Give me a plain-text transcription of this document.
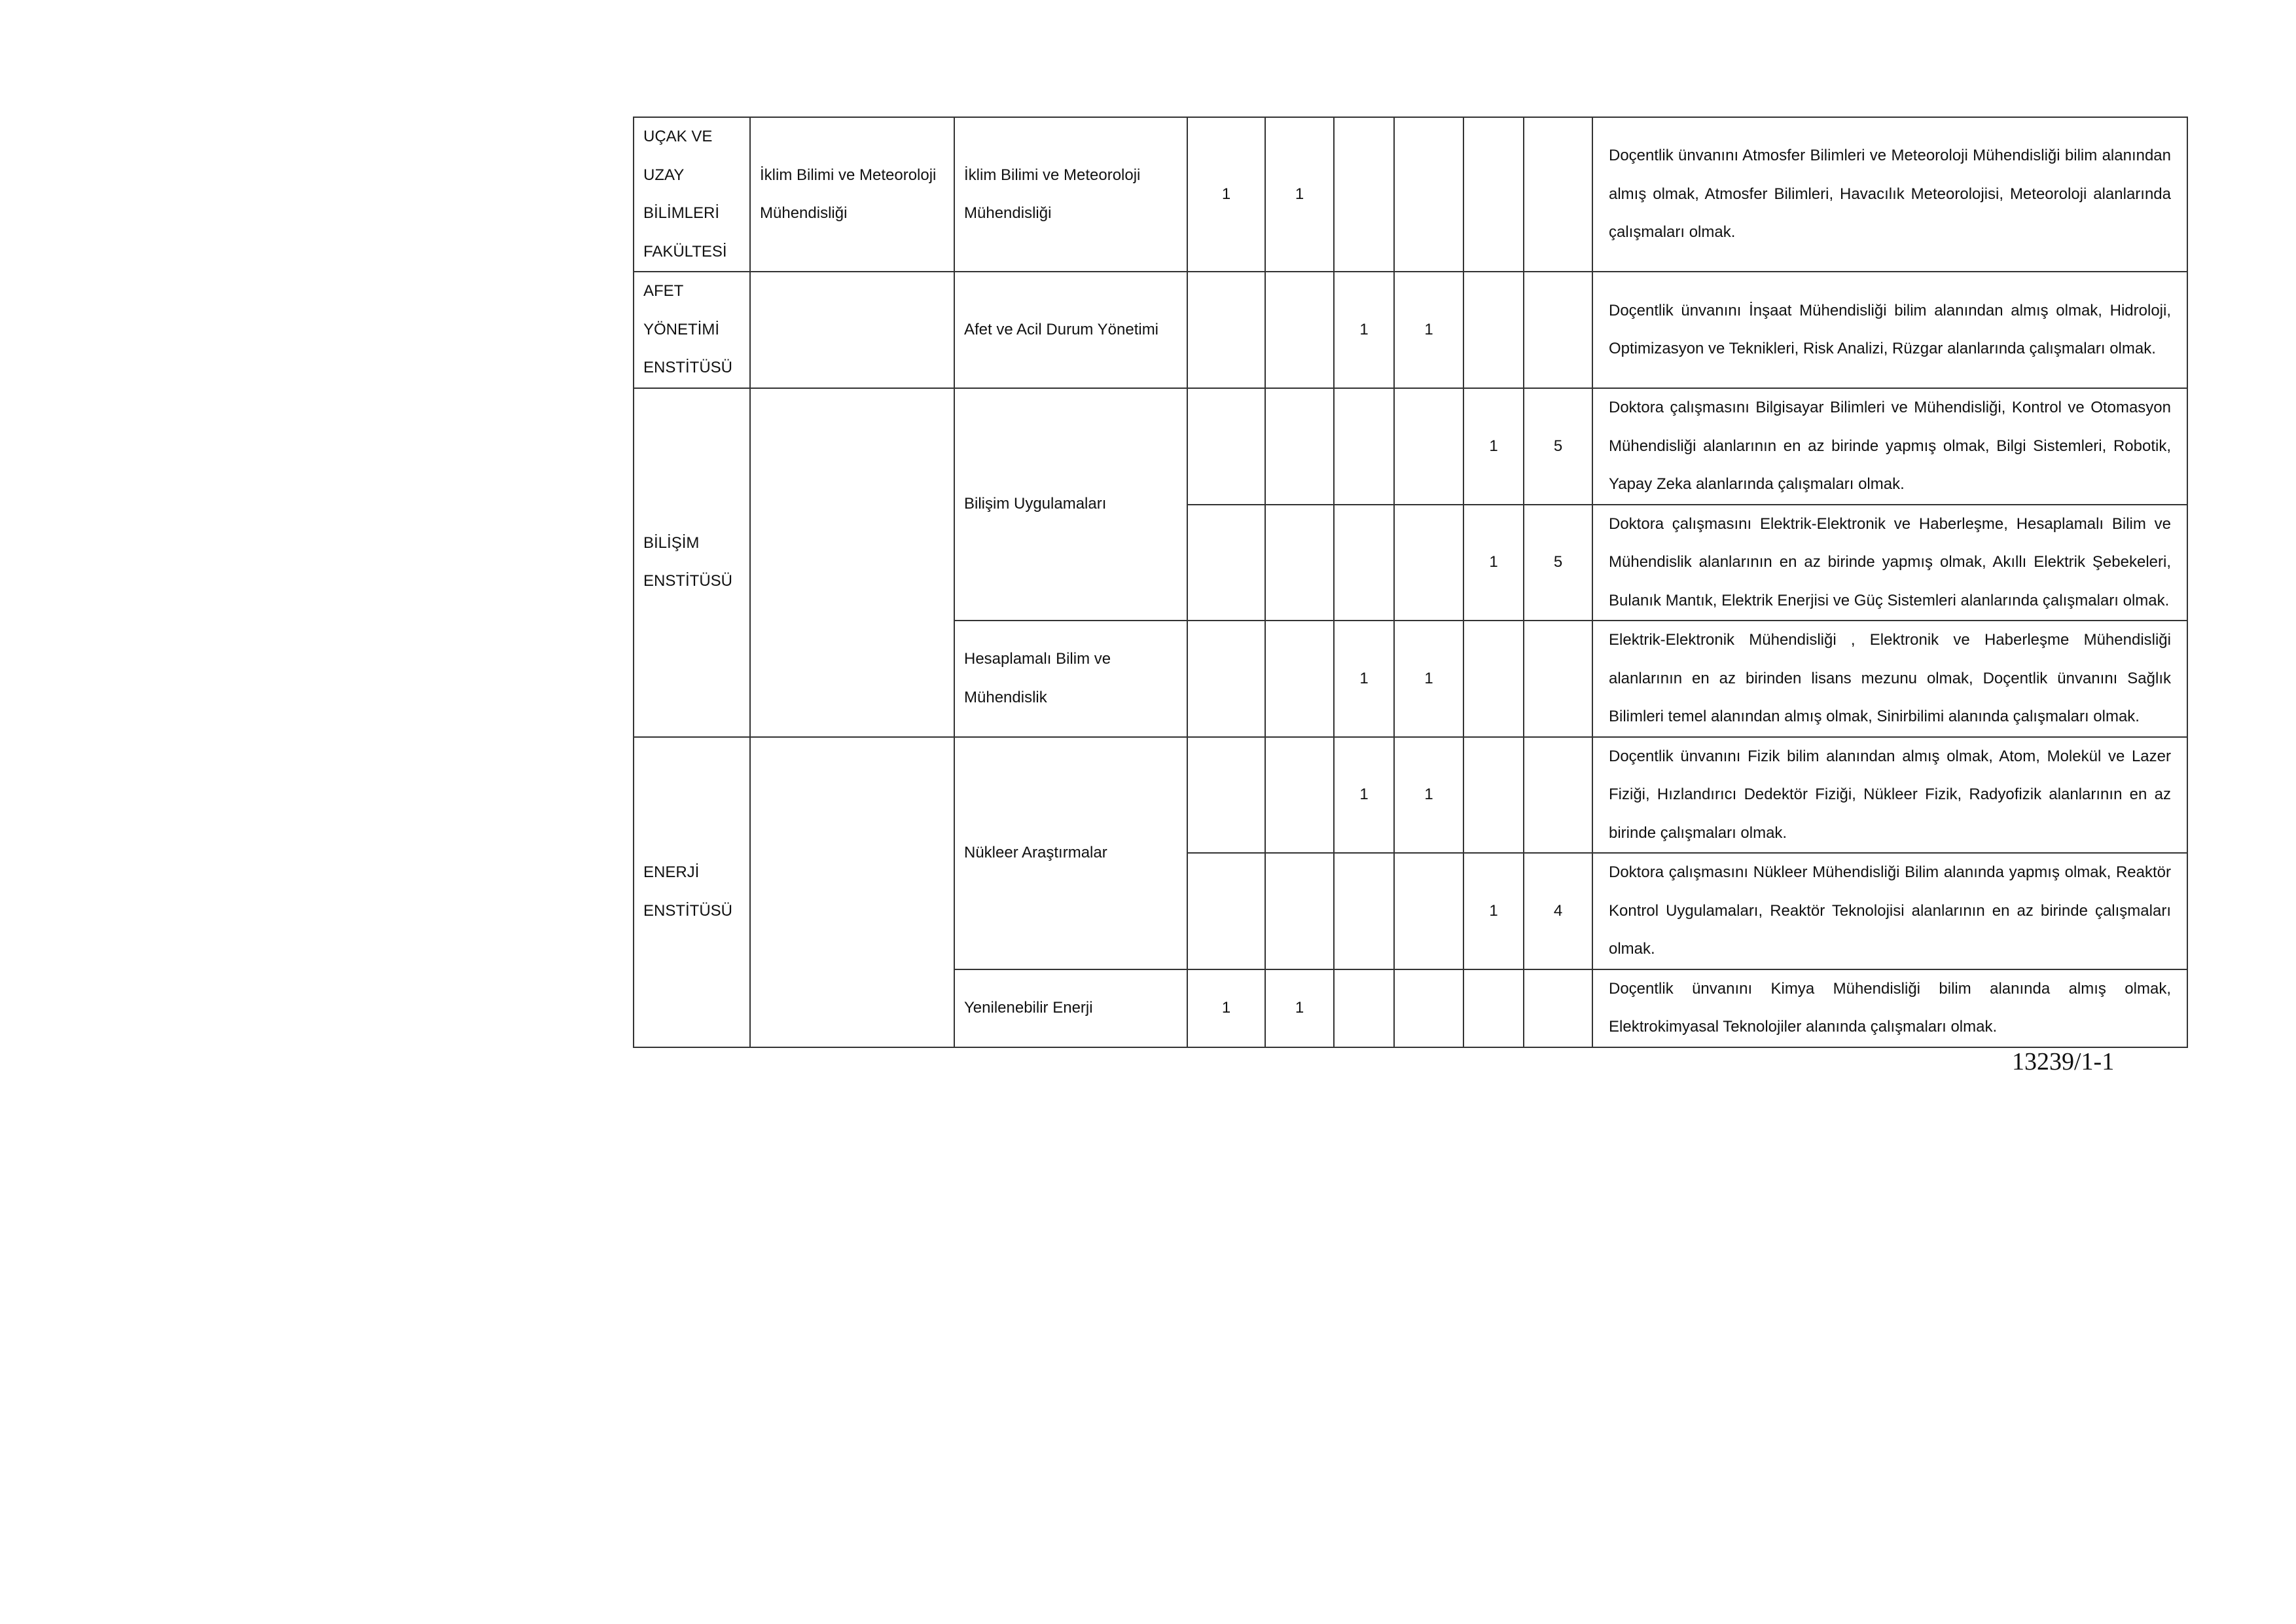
UÇAK VE UZAY BİLİMLERİ FAKÜLTESİ	İklim Bilimi ve Meteoroloji Mühendisliği	İklim Bilimi ve Meteoroloji Mühendisliği	1	1					Doçentlik ünvanını Atmosfer Bilimleri ve Meteoroloji Mühendisliği bilim alanından almış olmak, Atmosfer Bilimleri, Havacılık Meteorolojisi, Meteoroloji alanlarında çalışmaları olmak.
AFET YÖNETİMİ ENSTİTÜSÜ		Afet ve Acil Durum Yönetimi			1	1			Doçentlik ünvanını İnşaat Mühendisliği bilim alanından almış olmak, Hidroloji, Optimizasyon ve Teknikleri, Risk Analizi, Rüzgar alanlarında çalışmaları olmak.
BİLİŞİM ENSTİTÜSÜ		Bilişim Uygulamaları					1	5	Doktora çalışmasını Bilgisayar Bilimleri ve Mühendisliği, Kontrol ve Otomasyon Mühendisliği alanlarının en az birinde yapmış olmak, Bilgi Sistemleri, Robotik, Yapay Zeka alanlarında çalışmaları olmak.
							1	5	Doktora çalışmasını Elektrik-Elektronik ve Haberleşme, Hesaplamalı Bilim ve Mühendislik alanlarının en az birinde yapmış olmak, Akıllı Elektrik Şebekeleri, Bulanık Mantık, Elektrik Enerjisi ve Güç Sistemleri alanlarında çalışmaları olmak.
		Hesaplamalı Bilim ve Mühendislik			1	1			Elektrik-Elektronik Mühendisliği , Elektronik ve Haberleşme Mühendisliği alanlarının en az birinden lisans mezunu olmak, Doçentlik ünvanını Sağlık Bilimleri temel alanından almış olmak, Sinirbilimi alanında çalışmaları olmak.
ENERJİ ENSTİTÜSÜ		Nükleer Araştırmalar			1	1			Doçentlik ünvanını Fizik bilim alanından almış olmak, Atom, Molekül ve Lazer Fiziği, Hızlandırıcı Dedektör Fiziği, Nükleer Fizik, Radyofizik alanlarının en az birinde çalışmaları olmak.
							1	4	Doktora çalışmasını Nükleer Mühendisliği Bilim alanında yapmış olmak, Reaktör Kontrol Uygulamaları, Reaktör Teknolojisi alanlarının en az birinde çalışmaları olmak.
		Yenilenebilir Enerji	1	1					Doçentlik ünvanını Kimya Mühendisliği bilim alanında almış olmak, Elektrokimyasal Teknolojiler alanında çalışmaları olmak.
13239/1-1
